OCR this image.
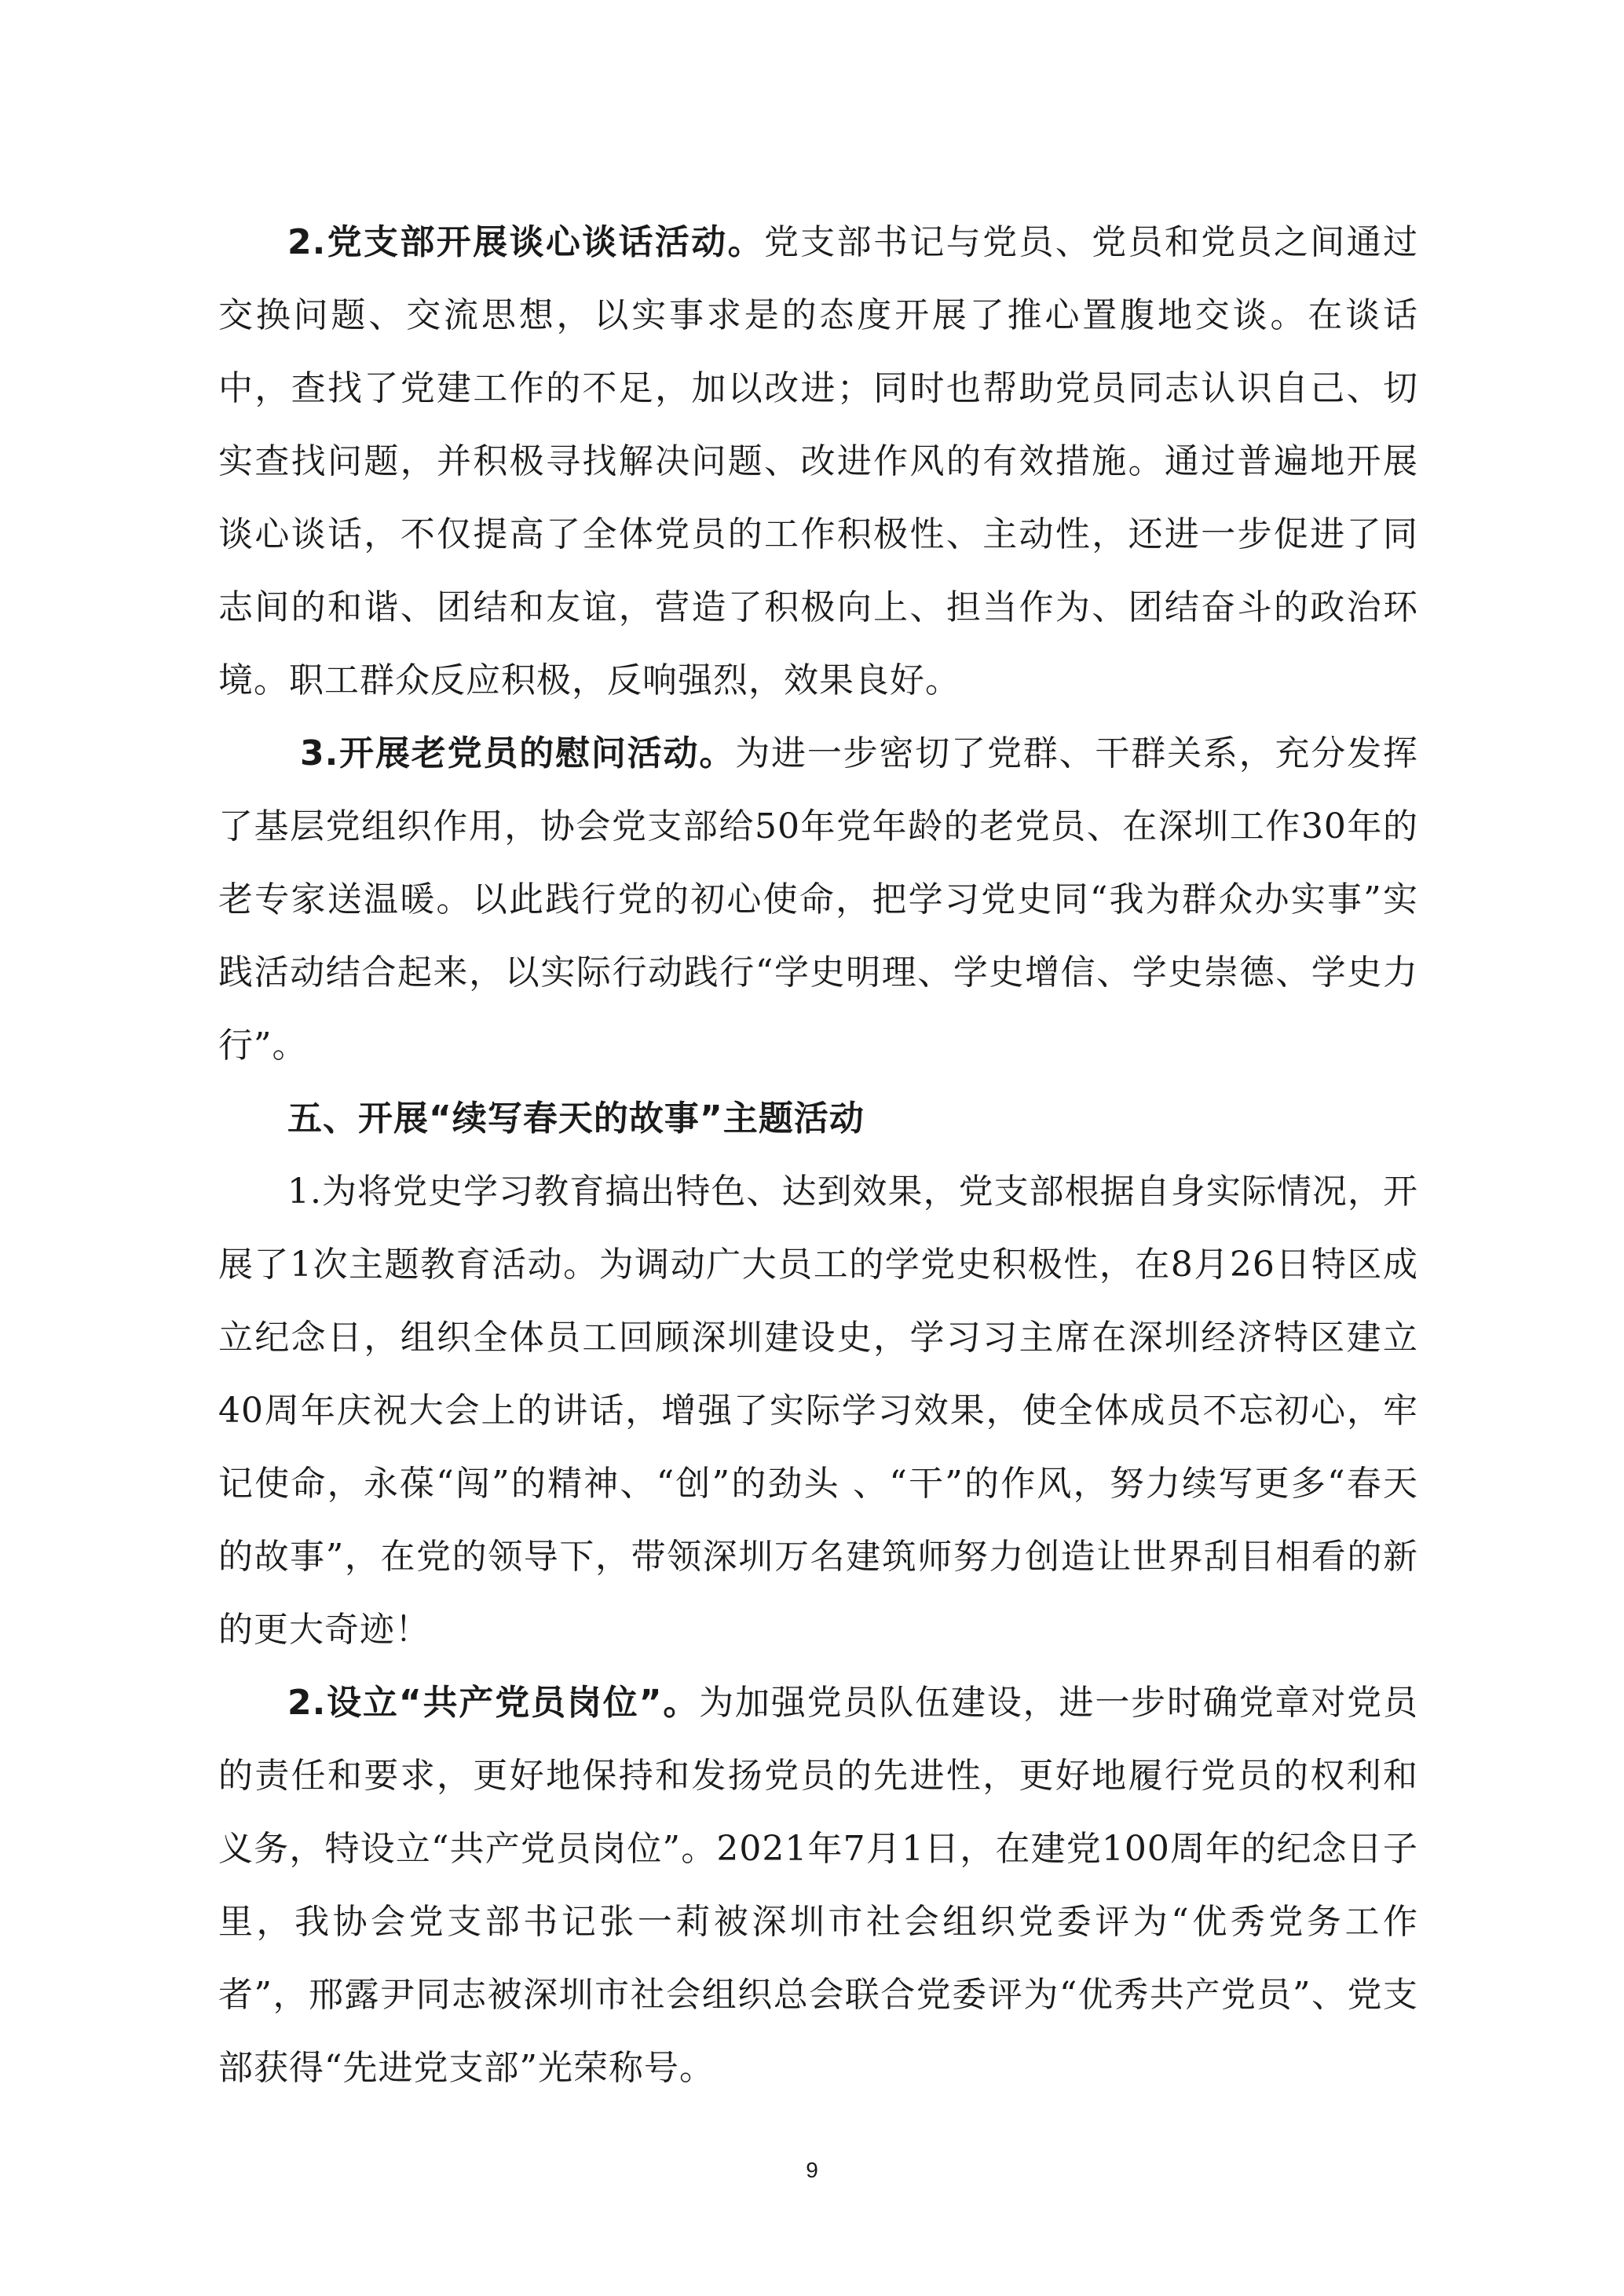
2.党支部开展谈心谈话活动。党支部书记与党员、党员和党员之间通过交换问题、交流思想，以实事求是的态度开展了推心置腹地交谈。在谈话中，查找了党建工作的不足，加以改进；同时也帮助党员同志认识自己、切实查找问题，并积极寻找解决问题、改进作风的有效措施。通过普遍地开展谈心谈话，不仅提高了全体党员的工作积极性、主动性，还进一步促进了同志间的和谐、团结和友谊，营造了积极向上、担当作为、团结奋斗的政治环境。职工群众反应积极，反响强烈，效果良好。

3.开展老党员的慰问活动。为进一步密切了党群、干群关系，充分发挥了基层党组织作用，协会党支部给50年党年龄的老党员、在深圳工作30年的老专家送温暖。以此践行党的初心使命，把学习党史同“我为群众办实事”实践活动结合起来，以实际行动践行“学史明理、学史增信、学史崇德、学史力行”。

五、开展“续写春天的故事”主题活动

1.为将党史学习教育搞出特色、达到效果，党支部根据自身实际情况，开展了1次主题教育活动。为调动广大员工的学党史积极性，在8月26日特区成立纪念日，组织全体员工回顾深圳建设史，学习习主席在深圳经济特区建立40周年庆祝大会上的讲话，增强了实际学习效果，使全体成员不忘初心，牢记使命，永葆“闯”的精神、“创”的劲头 、“干”的作风，努力续写更多“春天的故事”，在党的领导下，带领深圳万名建筑师努力创造让世界刮目相看的新的更大奇迹！

2.设立“共产党员岗位”。为加强党员队伍建设，进一步时确党章对党员的责任和要求，更好地保持和发扬党员的先进性，更好地履行党员的权利和义务，特设立“共产党员岗位”。2021年7月1日，在建党100周年的纪念日子里，我协会党支部书记张一莉被深圳市社会组织党委评为“优秀党务工作者”，邢露尹同志被深圳市社会组织总会联合党委评为“优秀共产党员”、党支部获得“先进党支部”光荣称号。

9
